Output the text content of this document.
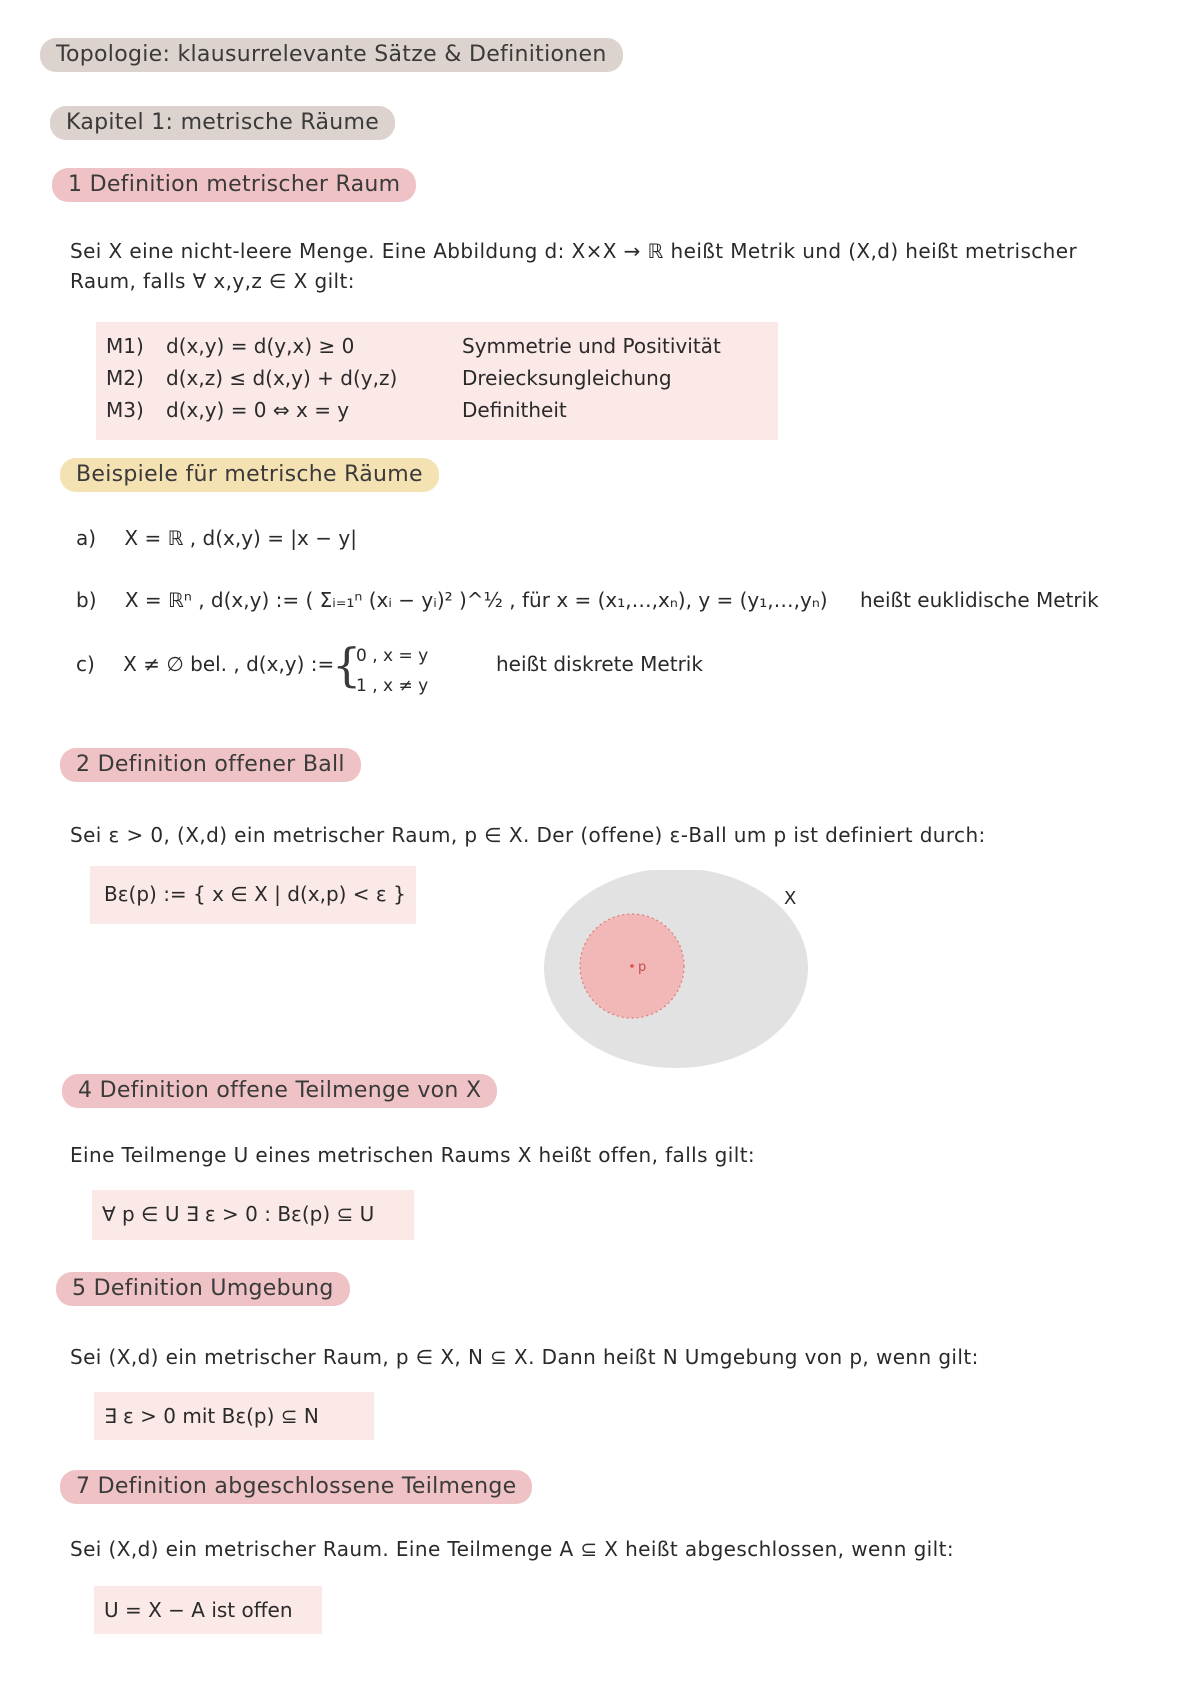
Topologie: klausurrelevante Sätze & Definitionen
Kapitel 1: metrische Räume
1 Definition metrischer Raum
Sei X eine nicht-leere Menge. Eine Abbildung d: X×X → ℝ heißt Metrik und (X,d) heißt metrischer
Raum, falls ∀ x,y,z ∈ X gilt:
M1) d(x,y) = d(y,x) ≥ 0	Symmetrie und Positivität
M2) d(x,z) ≤ d(x,y) + d(y,z)	Dreiecksungleichung
M3) d(x,y) = 0 ⇔ x = y	Definitheit
Beispiele für metrische Räume
a) X = ℝ , d(x,y) = |x − y|
b) X = ℝⁿ , d(x,y) := ( Σᵢ₌₁ⁿ (xᵢ − yᵢ)² )^½ , für x = (x₁,…,xₙ), y = (y₁,…,yₙ) heißt euklidische Metrik
c) X ≠ ∅ bel. , d(x,y) :=
{
0 , x = y
1 , x ≠ y
heißt diskrete Metrik
2 Definition offener Ball
Sei ε > 0, (X,d) ein metrischer Raum, p ∈ X. Der (offene) ε-Ball um p ist definiert durch:
Bε(p) := { x ∈ X | d(x,p) < ε }	X
p
4 Definition offene Teilmenge von X
Eine Teilmenge U eines metrischen Raums X heißt offen, falls gilt:
∀ p ∈ U ∃ ε > 0 : Bε(p) ⊆ U
5 Definition Umgebung
Sei (X,d) ein metrischer Raum, p ∈ X, N ⊆ X. Dann heißt N Umgebung von p, wenn gilt:
∃ ε > 0 mit Bε(p) ⊆ N
7 Definition abgeschlossene Teilmenge
Sei (X,d) ein metrischer Raum. Eine Teilmenge A ⊆ X heißt abgeschlossen, wenn gilt:
U = X − A ist offen
